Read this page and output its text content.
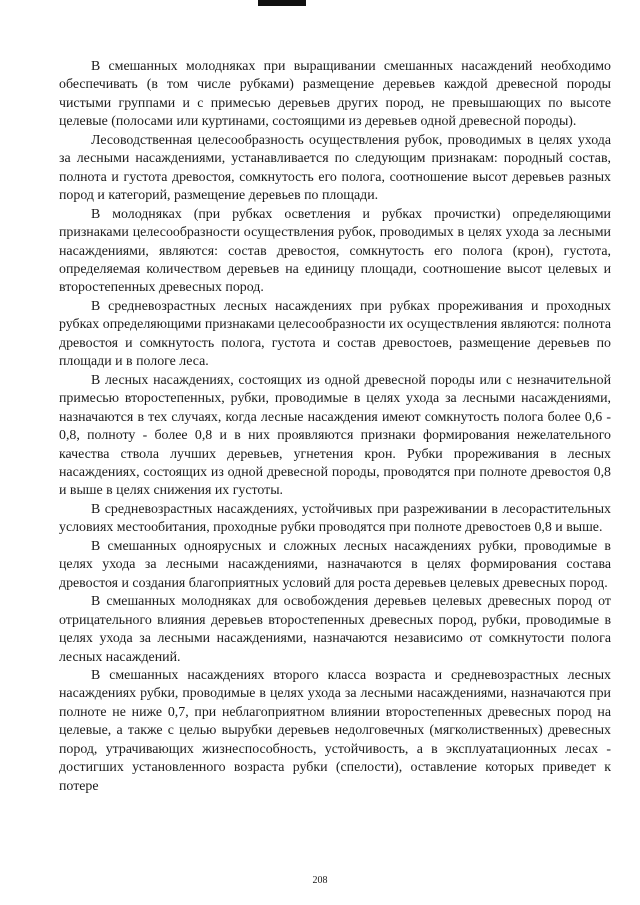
В смешанных молодняках при выращивании смешанных насаждений необходимо обеспечивать (в том числе рубками) размещение деревьев каждой древесной породы чистыми группами и с примесью деревьев других пород, не превышающих по высоте целевые (полосами или куртинами, состоящими из деревьев одной древесной породы).

Лесоводственная целесообразность осуществления рубок, проводимых в целях ухода за лесными насаждениями, устанавливается по следующим признакам: породный состав, полнота и густота древостоя, сомкнутость его полога, соотношение высот деревьев разных пород и категорий, размещение деревьев по площади.

В молодняках (при рубках осветления и рубках прочистки) определяющими признаками целесообразности осуществления рубок, проводимых в целях ухода за лесными насаждениями, являются: состав древостоя, сомкнутость его полога (крон), густота, определяемая количеством деревьев на единицу площади, соотношение высот целевых и второстепенных древесных пород.

В средневозрастных лесных насаждениях при рубках прореживания и проходных рубках определяющими признаками целесообразности их осуществления являются: полнота древостоя и сомкнутость полога, густота и состав древостоев, размещение деревьев по площади и в пологе леса.

В лесных насаждениях, состоящих из одной древесной породы или с незначительной примесью второстепенных, рубки, проводимые в целях ухода за лесными насаждениями, назначаются в тех случаях, когда лесные насаждения имеют сомкнутость полога более 0,6 - 0,8, полноту - более 0,8 и в них проявляются признаки формирования нежелательного качества ствола лучших деревьев, угнетения крон. Рубки прореживания в лесных насаждениях, состоящих из одной древесной породы, проводятся при полноте древостоя 0,8 и выше в целях снижения их густоты.

В средневозрастных насаждениях, устойчивых при разреживании в лесорастительных условиях местообитания, проходные рубки проводятся при полноте древостоев 0,8 и выше.

В смешанных одноярусных и сложных лесных насаждениях рубки, проводимые в целях ухода за лесными насаждениями, назначаются в целях формирования состава древостоя и создания благоприятных условий для роста деревьев целевых древесных пород.

В смешанных молодняках для освобождения деревьев целевых древесных пород от отрицательного влияния деревьев второстепенных древесных пород, рубки, проводимые в целях ухода за лесными насаждениями, назначаются независимо от сомкнутости полога лесных насаждений.

В смешанных насаждениях второго класса возраста и средневозрастных лесных насаждениях рубки, проводимые в целях ухода за лесными насаждениями, назначаются при полноте не ниже 0,7, при неблагоприятном влиянии второстепенных древесных пород на целевые, а также с целью вырубки деревьев недолговечных (мягколиственных) древесных пород, утрачивающих жизнеспособность, устойчивость, а в эксплуатационных лесах - достигших установленного возраста рубки (спелости), оставление которых приведет к потере

208
